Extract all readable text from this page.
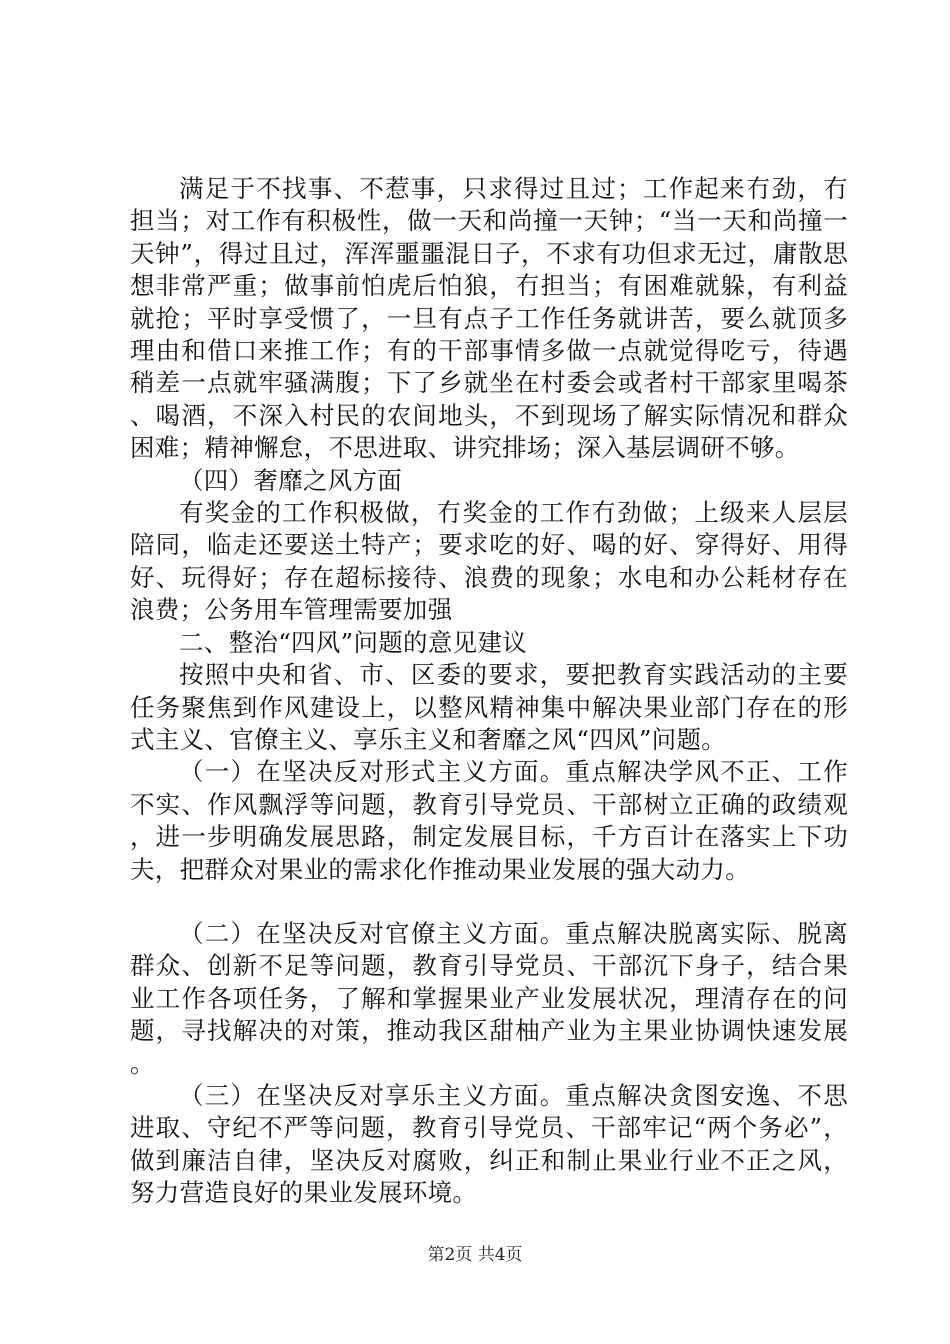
满足于不找事、不惹事，只求得过且过；工作起来冇劲，冇担当；对工作有积极性，做一天和尚撞一天钟；“当一天和尚撞一天钟”，得过且过，浑浑噩噩混日子，不求有功但求无过，庸散思想非常严重；做事前怕虎后怕狼，冇担当；有困难就躲，有利益就抢；平时享受惯了，一旦有点子工作任务就讲苦，要么就顶多理由和借口来推工作；有的干部事情多做一点就觉得吃亏，待遇稍差一点就牢骚满腹；下了乡就坐在村委会或者村干部家里喝茶、喝酒，不深入村民的农间地头，不到现场了解实际情况和群众困难；精神懈怠，不思进取、讲究排场；深入基层调研不够。

（四）奢靡之风方面

有奖金的工作积极做，冇奖金的工作冇劲做；上级来人层层陪同，临走还要送土特产；要求吃的好、喝的好、穿得好、用得好、玩得好；存在超标接待、浪费的现象；水电和办公耗材存在浪费；公务用车管理需要加强

二、整治“四风”问题的意见建议

按照中央和省、市、区委的要求，要把教育实践活动的主要任务聚焦到作风建设上，以整风精神集中解决果业部门存在的形式主义、官僚主义、享乐主义和奢靡之风“四风”问题。

（一）在坚决反对形式主义方面。重点解决学风不正、工作不实、作风飘浮等问题，教育引导党员、干部树立正确的政绩观，进一步明确发展思路，制定发展目标，千方百计在落实上下功夫，把群众对果业的需求化作推动果业发展的强大动力。

（二）在坚决反对官僚主义方面。重点解决脱离实际、脱离群众、创新不足等问题，教育引导党员、干部沉下身子，结合果业工作各项任务，了解和掌握果业产业发展状况，理清存在的问题，寻找解决的对策，推动我区甜柚产业为主果业协调快速发展。

（三）在坚决反对享乐主义方面。重点解决贪图安逸、不思进取、守纪不严等问题，教育引导党员、干部牢记“两个务必”，做到廉洁自律，坚决反对腐败，纠正和制止果业行业不正之风，努力营造良好的果业发展环境。

第2页 共4页
